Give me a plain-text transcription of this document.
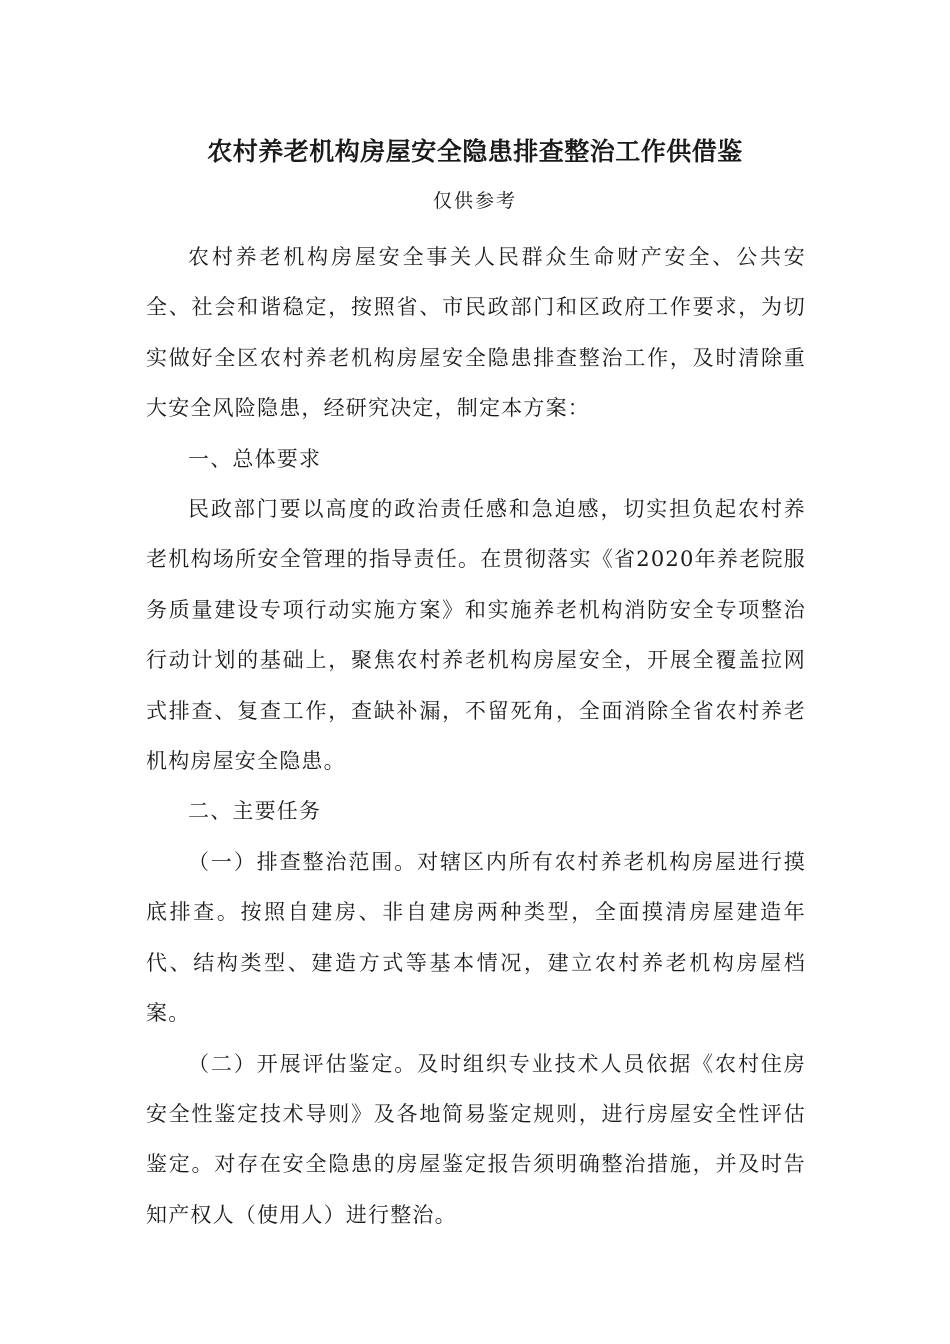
农村养老机构房屋安全隐患排查整治工作供借鉴
仅供参考

农村养老机构房屋安全事关人民群众生命财产安全、公共安全、社会和谐稳定，按照省、市民政部门和区政府工作要求，为切实做好全区农村养老机构房屋安全隐患排查整治工作，及时清除重大安全风险隐患，经研究决定，制定本方案：

一、总体要求

民政部门要以高度的政治责任感和急迫感，切实担负起农村养老机构场所安全管理的指导责任。在贯彻落实《省2020年养老院服务质量建设专项行动实施方案》和实施养老机构消防安全专项整治行动计划的基础上，聚焦农村养老机构房屋安全，开展全覆盖拉网式排查、复查工作，查缺补漏，不留死角，全面消除全省农村养老机构房屋安全隐患。

二、主要任务

（一）排查整治范围。对辖区内所有农村养老机构房屋进行摸底排查。按照自建房、非自建房两种类型，全面摸清房屋建造年代、结构类型、建造方式等基本情况，建立农村养老机构房屋档案。

（二）开展评估鉴定。及时组织专业技术人员依据《农村住房安全性鉴定技术导则》及各地简易鉴定规则，进行房屋安全性评估鉴定。对存在安全隐患的房屋鉴定报告须明确整治措施，并及时告知产权人（使用人）进行整治。
